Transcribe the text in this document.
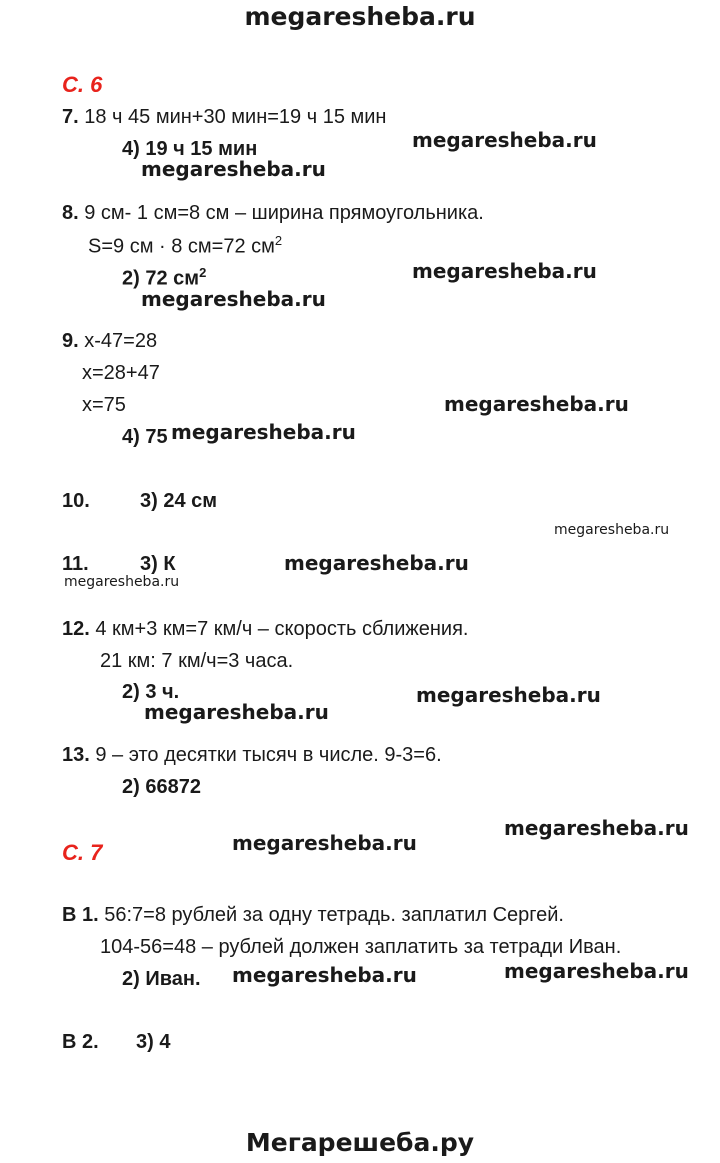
megaresheba.ru
С. 6
7. 18 ч 45 мин+30 мин=19 ч 15 мин
4) 19 ч 15 мин	megaresheba.ru
megaresheba.ru
8. 9 см- 1 см=8 см – ширина прямоугольника.
S=9 см · 8 см=72 $см^2$
2) 72 $см^2$	megaresheba.ru
megaresheba.ru
9. х-47=28
х=28+47
х=75	megaresheba.ru
4) 75 megaresheba.ru
10.	3) 24 см
megaresheba.ru
11.	3) К	megaresheba.ru
megaresheba.ru
12. 4 км+3 км=7 км/ч – скорость сближения.
21 км: 7 км/ч=3 часа.
2) 3 ч.	megaresheba.ru
megaresheba.ru
13. 9 – это десятки тысяч в числе. 9-3=6.
2) 66872
megaresheba.ru
С. 7	megaresheba.ru
В 1. 56:7=8 рублей за одну тетрадь. заплатил Сергей.
104-56=48 – рублей должен заплатить за тетради Иван.
2) Иван. megaresheba.ru	megaresheba.ru
В 2. 3) 4
Мегарешеба.ру
